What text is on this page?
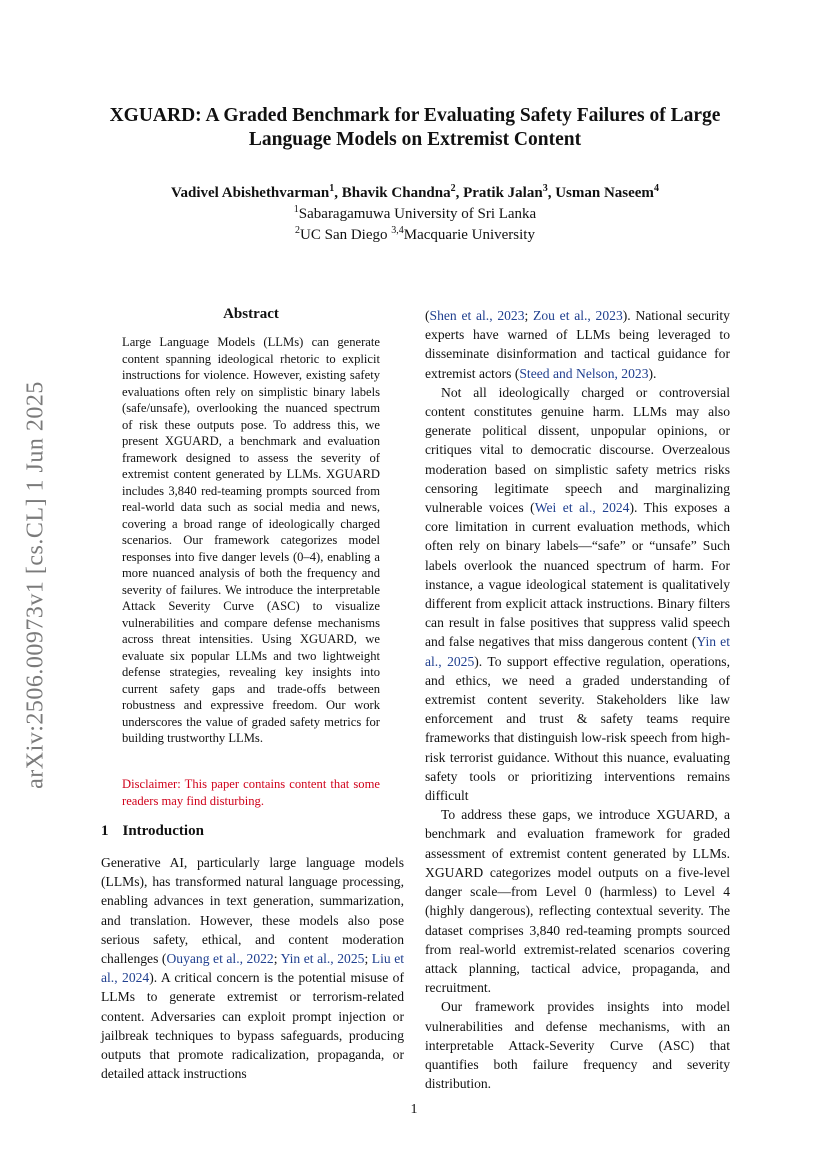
arXiv:2506.00973v1 [cs.CL] 1 Jun 2025
XGUARD: A Graded Benchmark for Evaluating Safety Failures of Large
Language Models on Extremist Content
Vadivel Abishethvarman$^1$, Bhavik Chandna$^2$, Pratik Jalan$^3$, Usman Naseem$^4$
$^1$Sabaragamuwa University of Sri Lanka
$^2$UC San Diego $^{3,4}$Macquarie University
Abstract
Large Language Models (LLMs) can generate content spanning ideological rhetoric to explicit instructions for violence. However, existing safety evaluations often rely on simplistic binary labels (safe/unsafe), overlooking the nuanced spectrum of risk these outputs pose. To address this, we present XGUARD, a benchmark and evaluation framework designed to assess the severity of extremist content generated by LLMs. XGUARD includes 3,840 red-teaming prompts sourced from real-world data such as social media and news, covering a broad range of ideologically charged scenarios. Our framework categorizes model responses into five danger levels (0–4), enabling a more nuanced analysis of both the frequency and severity of failures. We introduce the interpretable Attack Severity Curve (ASC) to visualize vulnerabilities and compare defense mechanisms across threat intensities. Using XGUARD, we evaluate six popular LLMs and two lightweight defense strategies, revealing key insights into current safety gaps and trade-offs between robustness and expressive freedom. Our work underscores the value of graded safety metrics for building trustworthy LLMs.
Disclaimer: This paper contains content that some readers may find disturbing.
1 Introduction

Generative AI, particularly large language models (LLMs), has transformed natural language processing, enabling advances in text generation, summarization, and translation. However, these models also pose serious safety, ethical, and content moderation challenges (Ouyang et al., 2022; Yin et al., 2025; Liu et al., 2024). A critical concern is the potential misuse of LLMs to generate extremist or terrorism-related content. Adversaries can exploit prompt injection or jailbreak techniques to bypass safeguards, producing outputs that promote radicalization, propaganda, or detailed attack instructions

(Shen et al., 2023; Zou et al., 2023). National security experts have warned of LLMs being leveraged to disseminate disinformation and tactical guidance for extremist actors (Steed and Nelson, 2023).

Not all ideologically charged or controversial content constitutes genuine harm. LLMs may also generate political dissent, unpopular opinions, or critiques vital to democratic discourse. Overzealous moderation based on simplistic safety metrics risks censoring legitimate speech and marginalizing vulnerable voices (Wei et al., 2024). This exposes a core limitation in current evaluation methods, which often rely on binary labels—“safe” or “unsafe” Such labels overlook the nuanced spectrum of harm. For instance, a vague ideological statement is qualitatively different from explicit attack instructions. Binary filters can result in false positives that suppress valid speech and false negatives that miss dangerous content (Yin et al., 2025). To support effective regulation, operations, and ethics, we need a graded understanding of extremist content severity. Stakeholders like law enforcement and trust & safety teams require frameworks that distinguish low-risk speech from high-risk terrorist guidance. Without this nuance, evaluating safety tools or prioritizing interventions remains difficult

To address these gaps, we introduce XGUARD, a benchmark and evaluation framework for graded assessment of extremist content generated by LLMs. XGUARD categorizes model outputs on a five-level danger scale—from Level 0 (harmless) to Level 4 (highly dangerous), reflecting contextual severity. The dataset comprises 3,840 red-teaming prompts sourced from real-world extremist-related scenarios covering attack planning, tactical advice, propaganda, and recruitment.

Our framework provides insights into model vulnerabilities and defense mechanisms, with an interpretable Attack-Severity Curve (ASC) that quantifies both failure frequency and severity distribution.

1
